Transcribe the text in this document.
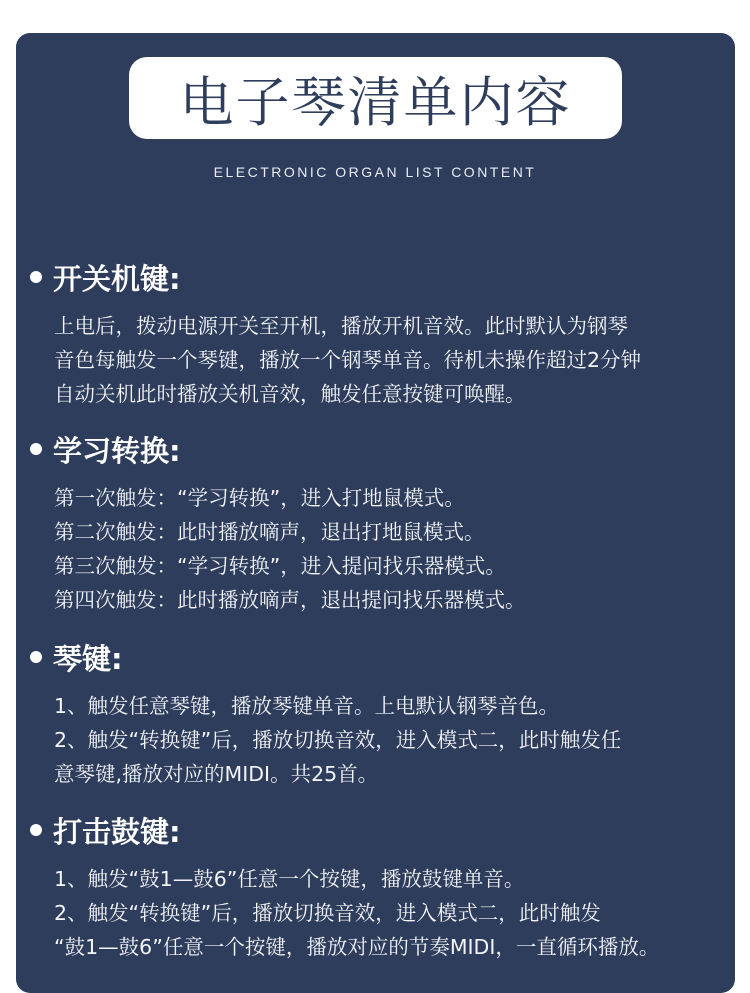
电子琴清单内容
ELECTRONIC ORGAN LIST CONTENT
开关机键:
上电后，拨动电源开关至开机，播放开机音效。此时默认为钢琴
音色每触发一个琴键，播放一个钢琴单音。待机未操作超过2分钟
自动关机此时播放关机音效，触发任意按键可唤醒。
学习转换:
第一次触发：“学习转换”，进入打地鼠模式。
第二次触发：此时播放嘀声，退出打地鼠模式。
第三次触发：“学习转换”，进入提问找乐器模式。
第四次触发：此时播放嘀声，退出提问找乐器模式。
琴键:
1、触发任意琴键，播放琴键单音。上电默认钢琴音色。
2、触发“转换键”后，播放切换音效，进入模式二，此时触发任
意琴键,播放对应的MIDI。共25首。
打击鼓键:
1、触发“鼓1—鼓6”任意一个按键，播放鼓键单音。
2、触发“转换键”后，播放切换音效，进入模式二，此时触发
“鼓1—鼓6”任意一个按键，播放对应的节奏MIDI，一直循环播放。
